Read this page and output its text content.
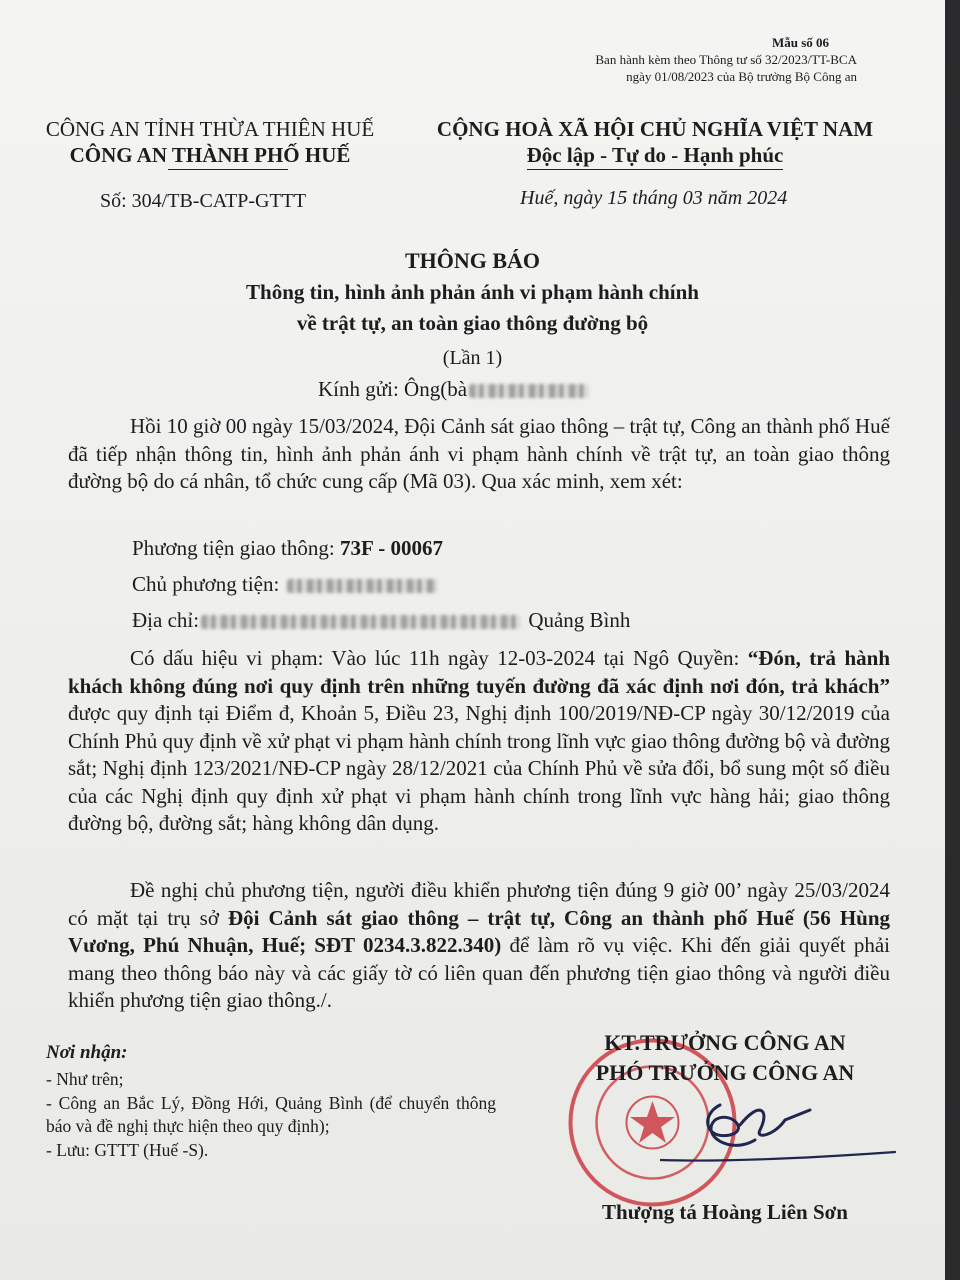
Mẫu số 06
Ban hành kèm theo Thông tư số 32/2023/TT-BCA
ngày 01/08/2023 của Bộ trưởng Bộ Công an
CÔNG AN TỈNH THỪA THIÊN HUẾ
CÔNG AN THÀNH PHỐ HUẾ
CỘNG HOÀ XÃ HỘI CHỦ NGHĨA VIỆT NAM
Độc lập - Tự do - Hạnh phúc
Số: 304/TB-CATP-GTTT	Huế, ngày 15 tháng 03 năm 2024
THÔNG BÁO
Thông tin, hình ảnh phản ánh vi phạm hành chính
về trật tự, an toàn giao thông đường bộ
(Lần 1)
Kính gửi: Ông(bà
Hồi 10 giờ 00 ngày 15/03/2024, Đội Cảnh sát giao thông – trật tự, Công an thành phố Huế đã tiếp nhận thông tin, hình ảnh phản ánh vi phạm hành chính về trật tự, an toàn giao thông đường bộ do cá nhân, tổ chức cung cấp (Mã 03). Qua xác minh, xem xét:
Phương tiện giao thông: 73F - 00067
Chủ phương tiện:
Địa chỉ:	Quảng Bình
Có dấu hiệu vi phạm: Vào lúc 11h ngày 12-03-2024 tại Ngô Quyền: “Đón, trả hành khách không đúng nơi quy định trên những tuyến đường đã xác định nơi đón, trả khách” được quy định tại Điểm đ, Khoản 5, Điều 23, Nghị định 100/2019/NĐ-CP ngày 30/12/2019 của Chính Phủ quy định về xử phạt vi phạm hành chính trong lĩnh vực giao thông đường bộ và đường sắt; Nghị định 123/2021/NĐ-CP ngày 28/12/2021 của Chính Phủ về sửa đổi, bổ sung một số điều của các Nghị định quy định xử phạt vi phạm hành chính trong lĩnh vực hàng hải; giao thông đường bộ, đường sắt; hàng không dân dụng.
Đề nghị chủ phương tiện, người điều khiển phương tiện đúng 9 giờ 00’ ngày 25/03/2024 có mặt tại trụ sở Đội Cảnh sát giao thông – trật tự, Công an thành phố Huế (56 Hùng Vương, Phú Nhuận, Huế; SĐT 0234.3.822.340) để làm rõ vụ việc. Khi đến giải quyết phải mang theo thông báo này và các giấy tờ có liên quan đến phương tiện giao thông và người điều khiển phương tiện giao thông./.
Nơi nhận:
- Như trên;
- Công an Bắc Lý, Đồng Hới, Quảng Bình (để chuyển thông báo và đề nghị thực hiện theo quy định);
- Lưu: GTTT (Huế -S).
KT.TRƯỞNG CÔNG AN
PHÓ TRƯỞNG CÔNG AN
Thượng tá Hoàng Liên Sơn
